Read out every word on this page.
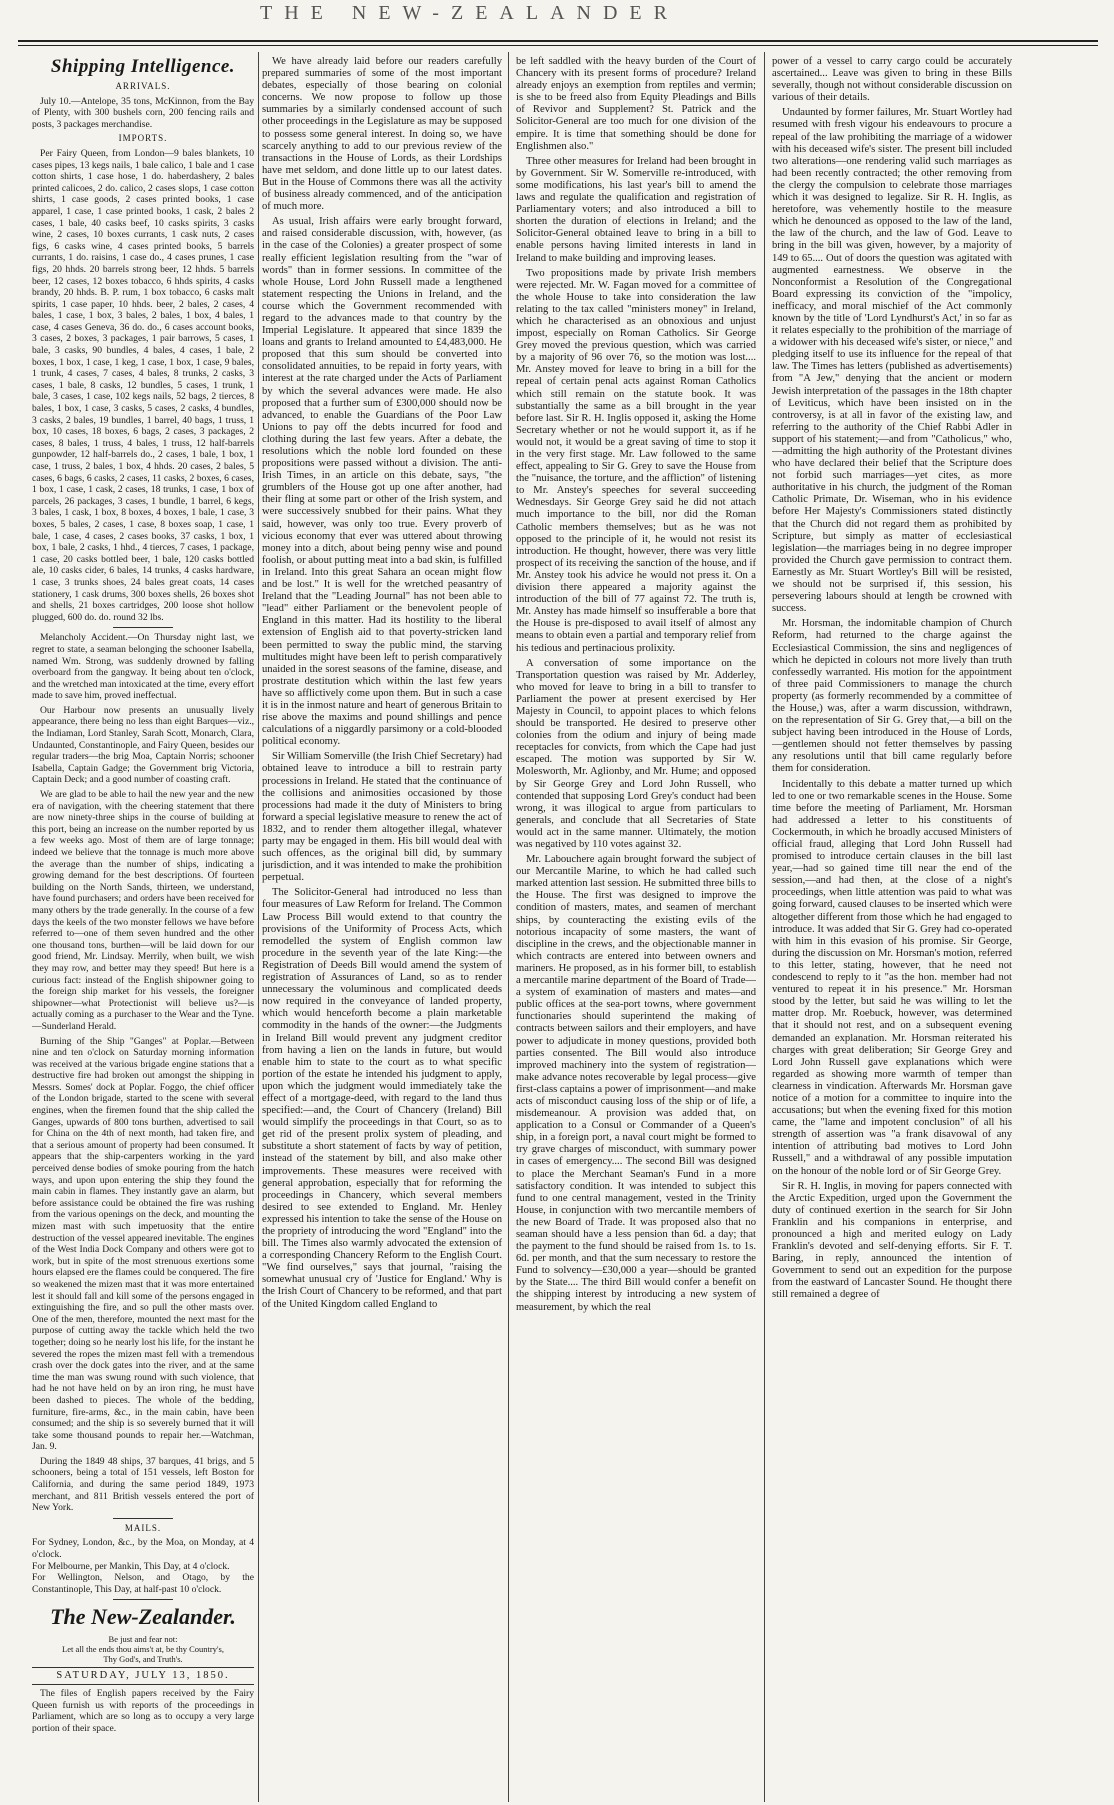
THE NEW-ZEALANDER
Shipping Intelligence.

ARRIVALS.

July 10.—Antelope, 35 tons, McKinnon, from the Bay of Plenty, with 300 bushels corn, 200 fencing rails and posts, 3 packages merchandise.

IMPORTS.

Per Fairy Queen, from London—9 bales blankets, 10 cases pipes, 13 kegs nails, 1 bale calico, 1 bale and 1 case cotton shirts, 1 case hose, 1 do. haberdashery, 2 bales printed calicoes, 2 do. calico, 2 cases slops, 1 case cotton shirts, 1 case goods, 2 cases printed books, 1 case apparel, 1 case, 1 case printed books, 1 cask, 2 bales 2 cases, 1 bale, 40 casks beef, 10 casks spirits, 3 casks wine, 2 cases, 10 boxes currants, 1 cask nuts, 2 cases figs, 6 casks wine, 4 cases printed books, 5 barrels currants, 1 do. raisins, 1 case do., 4 cases prunes, 1 case figs, 20 hhds. 20 barrels strong beer, 12 hhds. 5 barrels beer, 12 cases, 12 boxes tobacco, 6 hhds spirits, 4 casks brandy, 20 hhds. B. P. rum, 1 box tobacco, 6 casks malt spirits, 1 case paper, 10 hhds. beer, 2 bales, 2 cases, 4 bales, 1 case, 1 box, 3 bales, 2 bales, 1 box, 4 bales, 1 case, 4 cases Geneva, 36 do. do., 6 cases account books, 3 cases, 2 boxes, 3 packages, 1 pair barrows, 5 cases, 1 bale, 3 casks, 90 bundles, 4 bales, 4 cases, 1 bale, 2 boxes, 1 box, 1 case, 1 keg, 1 case, 1 box, 1 case, 9 bales, 1 trunk, 4 cases, 7 cases, 4 bales, 8 trunks, 2 casks, 3 cases, 1 bale, 8 casks, 12 bundles, 5 cases, 1 trunk, 1 bale, 3 cases, 1 case, 102 kegs nails, 52 bags, 2 tierces, 8 bales, 1 box, 1 case, 3 casks, 5 cases, 2 casks, 4 bundles, 3 casks, 2 bales, 19 bundles, 1 barrel, 40 bags, 1 truss, 1 box, 10 cases, 18 boxes, 6 bags, 2 cases, 3 packages, 2 cases, 8 bales, 1 truss, 4 bales, 1 truss, 12 half-barrels gunpowder, 12 half-barrels do., 2 cases, 1 bale, 1 box, 1 case, 1 truss, 2 bales, 1 box, 4 hhds. 20 cases, 2 bales, 5 cases, 6 bags, 6 casks, 2 cases, 11 casks, 2 boxes, 6 cases, 1 box, 1 case, 1 cask, 2 cases, 18 trunks, 1 case, 1 box of parcels, 26 packages, 3 cases, 1 bundle, 1 barrel, 6 kegs, 3 bales, 1 cask, 1 box, 8 boxes, 4 boxes, 1 bale, 1 case, 3 boxes, 5 bales, 2 cases, 1 case, 8 boxes soap, 1 case, 1 bale, 1 case, 4 cases, 2 cases books, 37 casks, 1 box, 1 box, 1 bale, 2 casks, 1 hhd., 4 tierces, 7 cases, 1 package, 1 case, 20 casks bottled beer, 1 bale, 120 casks bottled ale, 10 casks cider, 6 bales, 14 trunks, 4 casks hardware, 1 case, 3 trunks shoes, 24 bales great coats, 14 cases stationery, 1 cask drums, 300 boxes shells, 26 boxes shot and shells, 21 boxes cartridges, 200 loose shot hollow plugged, 600 do. do. round 32 lbs.

Melancholy Accident.—On Thursday night last, we regret to state, a seaman belonging the schooner Isabella, named Wm. Strong, was suddenly drowned by falling overboard from the gangway. It being about ten o'clock, and the wretched man intoxicated at the time, every effort made to save him, proved ineffectual.

Our Harbour now presents an unusually lively appearance, there being no less than eight Barques—viz., the Indiaman, Lord Stanley, Sarah Scott, Monarch, Clara, Undaunted, Constantinople, and Fairy Queen, besides our regular traders—the brig Moa, Captain Norris; schooner Isabella, Captain Gadge; the Government brig Victoria, Captain Deck; and a good number of coasting craft.

We are glad to be able to hail the new year and the new era of navigation, with the cheering statement that there are now ninety-three ships in the course of building at this port, being an increase on the number reported by us a few weeks ago. Most of them are of large tonnage; indeed we believe that the tonnage is much more above the average than the number of ships, indicating a growing demand for the best descriptions. Of fourteen building on the North Sands, thirteen, we understand, have found purchasers; and orders have been received for many others by the trade generally. In the course of a few days the keels of the two monster fellows we have before referred to—one of them seven hundred and the other one thousand tons, burthen—will be laid down for our good friend, Mr. Lindsay. Merrily, when built, we wish they may row, and better may they speed! But here is a curious fact: instead of the English shipowner going to the foreign ship market for his vessels, the foreigner shipowner—what Protectionist will believe us?—is actually coming as a purchaser to the Wear and the Tyne.—Sunderland Herald.

Burning of the Ship "Ganges" at Poplar.—Between nine and ten o'clock on Saturday morning information was received at the various brigade engine stations that a destructive fire had broken out amongst the shipping in Messrs. Somes' dock at Poplar. Foggo, the chief officer of the London brigade, started to the scene with several engines, when the firemen found that the ship called the Ganges, upwards of 800 tons burthen, advertised to sail for China on the 4th of next month, had taken fire, and that a serious amount of property had been consumed. It appears that the ship-carpenters working in the yard perceived dense bodies of smoke pouring from the hatch ways, and upon upon entering the ship they found the main cabin in flames. They instantly gave an alarm, but before assistance could be obtained the fire was rushing from the various openings on the deck, and mounting the mizen mast with such impetuosity that the entire destruction of the vessel appeared inevitable. The engines of the West India Dock Company and others were got to work, but in spite of the most strenuous exertions some hours elapsed ere the flames could be conquered. The fire so weakened the mizen mast that it was more entertained lest it should fall and kill some of the persons engaged in extinguishing the fire, and so pull the other masts over. One of the men, therefore, mounted the next mast for the purpose of cutting away the tackle which held the two together; doing so he nearly lost his life, for the instant he severed the ropes the mizen mast fell with a tremendous crash over the dock gates into the river, and at the same time the man was swung round with such violence, that had he not have held on by an iron ring, he must have been dashed to pieces. The whole of the bedding, furniture, fire-arms, &c., in the main cabin, have been consumed; and the ship is so severely burned that it will take some thousand pounds to repair her.—Watchman, Jan. 9.

During the 1849 48 ships, 37 barques, 41 brigs, and 5 schooners, being a total of 151 vessels, left Boston for California, and during the same period 1849, 1973 merchant, and 811 British vessels entered the port of New York.

MAILS.

For Sydney, London, &c., by the Moa, on Monday, at 4 o'clock.
For Melbourne, per Mankin, This Day, at 4 o'clock.
For Wellington, Nelson, and Otago, by the Constantinople, This Day, at half-past 10 o'clock.

The New-Zealander.

Be just and fear not:
Let all the ends thou aims't at, be thy Country's,
Thy God's, and Truth's.

SATURDAY, JULY 13, 1850.

The files of English papers received by the Fairy Queen furnish us with reports of the proceedings in Parliament, which are so long as to occupy a very large portion of their space.

We have already laid before our readers carefully prepared summaries of some of the most important debates, especially of those bearing on colonial concerns. We now propose to follow up those summaries by a similarly condensed account of such other proceedings in the Legislature as may be supposed to possess some general interest. In doing so, we have scarcely anything to add to our previous review of the transactions in the House of Lords, as their Lordships have met seldom, and done little up to our latest dates. But in the House of Commons there was all the activity of business already commenced, and of the anticipation of much more.

As usual, Irish affairs were early brought forward, and raised considerable discussion, with, however, (as in the case of the Colonies) a greater prospect of some really efficient legislation resulting from the "war of words" than in former sessions. In committee of the whole House, Lord John Russell made a lengthened statement respecting the Unions in Ireland, and the course which the Government recommended with regard to the advances made to that country by the Imperial Legislature. It appeared that since 1839 the loans and grants to Ireland amounted to £4,483,000. He proposed that this sum should be converted into consolidated annuities, to be repaid in forty years, with interest at the rate charged under the Acts of Parliament by which the several advances were made. He also proposed that a further sum of £300,000 should now be advanced, to enable the Guardians of the Poor Law Unions to pay off the debts incurred for food and clothing during the last few years. After a debate, the resolutions which the noble lord founded on these propositions were passed without a division. The anti-Irish Times, in an article on this debate, says, "the grumblers of the House got up one after another, had their fling at some part or other of the Irish system, and were successively snubbed for their pains. What they said, however, was only too true. Every proverb of vicious economy that ever was uttered about throwing money into a ditch, about being penny wise and pound foolish, or about putting meat into a bad skin, is fulfilled in Ireland. Into this great Sahara an ocean might flow and be lost." It is well for the wretched peasantry of Ireland that the "Leading Journal" has not been able to "lead" either Parliament or the benevolent people of England in this matter. Had its hostility to the liberal extension of English aid to that poverty-stricken land been permitted to sway the public mind, the starving multitudes might have been left to perish comparatively unaided in the sorest seasons of the famine, disease, and prostrate destitution which within the last few years have so afflictively come upon them. But in such a case it is in the inmost nature and heart of generous Britain to rise above the maxims and pound shillings and pence calculations of a niggardly parsimony or a cold-blooded political economy.

Sir William Somerville (the Irish Chief Secretary) had obtained leave to introduce a bill to restrain party processions in Ireland. He stated that the continuance of the collisions and animosities occasioned by those processions had made it the duty of Ministers to bring forward a special legislative measure to renew the act of 1832, and to render them altogether illegal, whatever party may be engaged in them. His bill would deal with such offences, as the original bill did, by summary jurisdiction, and it was intended to make the prohibition perpetual.

The Solicitor-General had introduced no less than four measures of Law Reform for Ireland. The Common Law Process Bill would extend to that country the provisions of the Uniformity of Process Acts, which remodelled the system of English common law procedure in the seventh year of the late King:—the Registration of Deeds Bill would amend the system of registration of Assurances of Land, so as to render unnecessary the voluminous and complicated deeds now required in the conveyance of landed property, which would henceforth become a plain marketable commodity in the hands of the owner:—the Judgments in Ireland Bill would prevent any judgment creditor from having a lien on the lands in future, but would enable him to state to the court as to what specific portion of the estate he intended his judgment to apply, upon which the judgment would immediately take the effect of a mortgage-deed, with regard to the land thus specified:—and, the Court of Chancery (Ireland) Bill would simplify the proceedings in that Court, so as to get rid of the present prolix system of pleading, and substitute a short statement of facts by way of petition, instead of the statement by bill, and also make other improvements. These measures were received with general approbation, especially that for reforming the proceedings in Chancery, which several members desired to see extended to England. Mr. Henley expressed his intention to take the sense of the House on the propriety of introducing the word "England" into the bill. The Times also warmly advocated the extension of a corresponding Chancery Reform to the English Court. "We find ourselves," says that journal, "raising the somewhat unusual cry of 'Justice for England.' Why is the Irish Court of Chancery to be reformed, and that part of the United Kingdom called England to

be left saddled with the heavy burden of the Court of Chancery with its present forms of procedure? Ireland already enjoys an exemption from reptiles and vermin; is she to be freed also from Equity Pleadings and Bills of Revivor and Supplement? St. Patrick and the Solicitor-General are too much for one division of the empire. It is time that something should be done for Englishmen also."

Three other measures for Ireland had been brought in by Government. Sir W. Somerville re-introduced, with some modifications, his last year's bill to amend the laws and regulate the qualification and registration of Parliamentary voters; and also introduced a bill to shorten the duration of elections in Ireland; and the Solicitor-General obtained leave to bring in a bill to enable persons having limited interests in land in Ireland to make building and improving leases.

Two propositions made by private Irish members were rejected. Mr. W. Fagan moved for a committee of the whole House to take into consideration the law relating to the tax called "ministers money" in Ireland, which he characterised as an obnoxious and unjust impost, especially on Roman Catholics. Sir George Grey moved the previous question, which was carried by a majority of 96 over 76, so the motion was lost.... Mr. Anstey moved for leave to bring in a bill for the repeal of certain penal acts against Roman Catholics which still remain on the statute book. It was substantially the same as a bill brought in the year before last. Sir R. H. Inglis opposed it, asking the Home Secretary whether or not he would support it, as if he would not, it would be a great saving of time to stop it in the very first stage. Mr. Law followed to the same effect, appealing to Sir G. Grey to save the House from the "nuisance, the torture, and the affliction" of listening to Mr. Anstey's speeches for several succeeding Wednesdays. Sir George Grey said he did not attach much importance to the bill, nor did the Roman Catholic members themselves; but as he was not opposed to the principle of it, he would not resist its introduction. He thought, however, there was very little prospect of its receiving the sanction of the house, and if Mr. Anstey took his advice he would not press it. On a division there appeared a majority against the introduction of the bill of 77 against 72. The truth is, Mr. Anstey has made himself so insufferable a bore that the House is pre-disposed to avail itself of almost any means to obtain even a partial and temporary relief from his tedious and pertinacious prolixity.

A conversation of some importance on the Transportation question was raised by Mr. Adderley, who moved for leave to bring in a bill to transfer to Parliament the power at present exercised by Her Majesty in Council, to appoint places to which felons should be transported. He desired to preserve other colonies from the odium and injury of being made receptacles for convicts, from which the Cape had just escaped. The motion was supported by Sir W. Molesworth, Mr. Aglionby, and Mr. Hume; and opposed by Sir George Grey and Lord John Russell, who contended that supposing Lord Grey's conduct had been wrong, it was illogical to argue from particulars to generals, and conclude that all Secretaries of State would act in the same manner. Ultimately, the motion was negatived by 110 votes against 32.

Mr. Labouchere again brought forward the subject of our Mercantile Marine, to which he had called such marked attention last session. He submitted three bills to the House. The first was designed to improve the condition of masters, mates, and seamen of merchant ships, by counteracting the existing evils of the notorious incapacity of some masters, the want of discipline in the crews, and the objectionable manner in which contracts are entered into between owners and mariners. He proposed, as in his former bill, to establish a mercantile marine department of the Board of Trade—a system of examination of masters and mates—and public offices at the sea-port towns, where government functionaries should superintend the making of contracts between sailors and their employers, and have power to adjudicate in money questions, provided both parties consented. The Bill would also introduce improved machinery into the system of registration—make advance notes recoverable by legal process—give first-class captains a power of imprisonment—and make acts of misconduct causing loss of the ship or of life, a misdemeanour. A provision was added that, on application to a Consul or Commander of a Queen's ship, in a foreign port, a naval court might be formed to try grave charges of misconduct, with summary power in cases of emergency.... The second Bill was designed to place the Merchant Seaman's Fund in a more satisfactory condition. It was intended to subject this fund to one central management, vested in the Trinity House, in conjunction with two mercantile members of the new Board of Trade. It was proposed also that no seaman should have a less pension than 6d. a day; that the payment to the fund should be raised from 1s. to 1s. 6d. per month, and that the sum necessary to restore the Fund to solvency—£30,000 a year—should be granted by the State.... The third Bill would confer a benefit on the shipping interest by introducing a new system of measurement, by which the real

power of a vessel to carry cargo could be accurately ascertained... Leave was given to bring in these Bills severally, though not without considerable discussion on various of their details.

Undaunted by former failures, Mr. Stuart Wortley had resumed with fresh vigour his endeavours to procure a repeal of the law prohibiting the marriage of a widower with his deceased wife's sister. The present bill included two alterations—one rendering valid such marriages as had been recently contracted; the other removing from the clergy the compulsion to celebrate those marriages which it was designed to legalize. Sir R. H. Inglis, as heretofore, was vehemently hostile to the measure which he denounced as opposed to the law of the land, the law of the church, and the law of God. Leave to bring in the bill was given, however, by a majority of 149 to 65.... Out of doors the question was agitated with augmented earnestness. We observe in the Nonconformist a Resolution of the Congregational Board expressing its conviction of the "impolicy, inefficacy, and moral mischief of the Act commonly known by the title of 'Lord Lyndhurst's Act,' in so far as it relates especially to the prohibition of the marriage of a widower with his deceased wife's sister, or niece," and pledging itself to use its influence for the repeal of that law. The Times has letters (published as advertisements) from "A Jew," denying that the ancient or modern Jewish interpretation of the passages in the 18th chapter of Leviticus, which have been insisted on in the controversy, is at all in favor of the existing law, and referring to the authority of the Chief Rabbi Adler in support of his statement;—and from "Catholicus," who,—admitting the high authority of the Protestant divines who have declared their belief that the Scripture does not forbid such marriages—yet cites, as more authoritative in his church, the judgment of the Roman Catholic Primate, Dr. Wiseman, who in his evidence before Her Majesty's Commissioners stated distinctly that the Church did not regard them as prohibited by Scripture, but simply as matter of ecclesiastical legislation—the marriages being in no degree improper provided the Church gave permission to contract them. Earnestly as Mr. Stuart Wortley's Bill will be resisted, we should not be surprised if, this session, his persevering labours should at length be crowned with success.

Mr. Horsman, the indomitable champion of Church Reform, had returned to the charge against the Ecclesiastical Commission, the sins and negligences of which he depicted in colours not more lively than truth confessedly warranted. His motion for the appointment of three paid Commissioners to manage the church property (as formerly recommended by a committee of the House,) was, after a warm discussion, withdrawn, on the representation of Sir G. Grey that,—a bill on the subject having been introduced in the House of Lords,—gentlemen should not fetter themselves by passing any resolutions until that bill came regularly before them for consideration.

Incidentally to this debate a matter turned up which led to one or two remarkable scenes in the House. Some time before the meeting of Parliament, Mr. Horsman had addressed a letter to his constituents of Cockermouth, in which he broadly accused Ministers of official fraud, alleging that Lord John Russell had promised to introduce certain clauses in the bill last year,—had so gained time till near the end of the session,—and had then, at the close of a night's proceedings, when little attention was paid to what was going forward, caused clauses to be inserted which were altogether different from those which he had engaged to introduce. It was added that Sir G. Grey had co-operated with him in this evasion of his promise. Sir George, during the discussion on Mr. Horsman's motion, referred to this letter, stating, however, that he need not condescend to reply to it "as the hon. member had not ventured to repeat it in his presence." Mr. Horsman stood by the letter, but said he was willing to let the matter drop. Mr. Roebuck, however, was determined that it should not rest, and on a subsequent evening demanded an explanation. Mr. Horsman reiterated his charges with great deliberation; Sir George Grey and Lord John Russell gave explanations which were regarded as showing more warmth of temper than clearness in vindication. Afterwards Mr. Horsman gave notice of a motion for a committee to inquire into the accusations; but when the evening fixed for this motion came, the "lame and impotent conclusion" of all his strength of assertion was "a frank disavowal of any intention of attributing bad motives to Lord John Russell," and a withdrawal of any possible imputation on the honour of the noble lord or of Sir George Grey.

Sir R. H. Inglis, in moving for papers connected with the Arctic Expedition, urged upon the Government the duty of continued exertion in the search for Sir John Franklin and his companions in enterprise, and pronounced a high and merited eulogy on Lady Franklin's devoted and self-denying efforts. Sir F. T. Baring, in reply, announced the intention of Government to send out an expedition for the purpose from the eastward of Lancaster Sound. He thought there still remained a degree of
